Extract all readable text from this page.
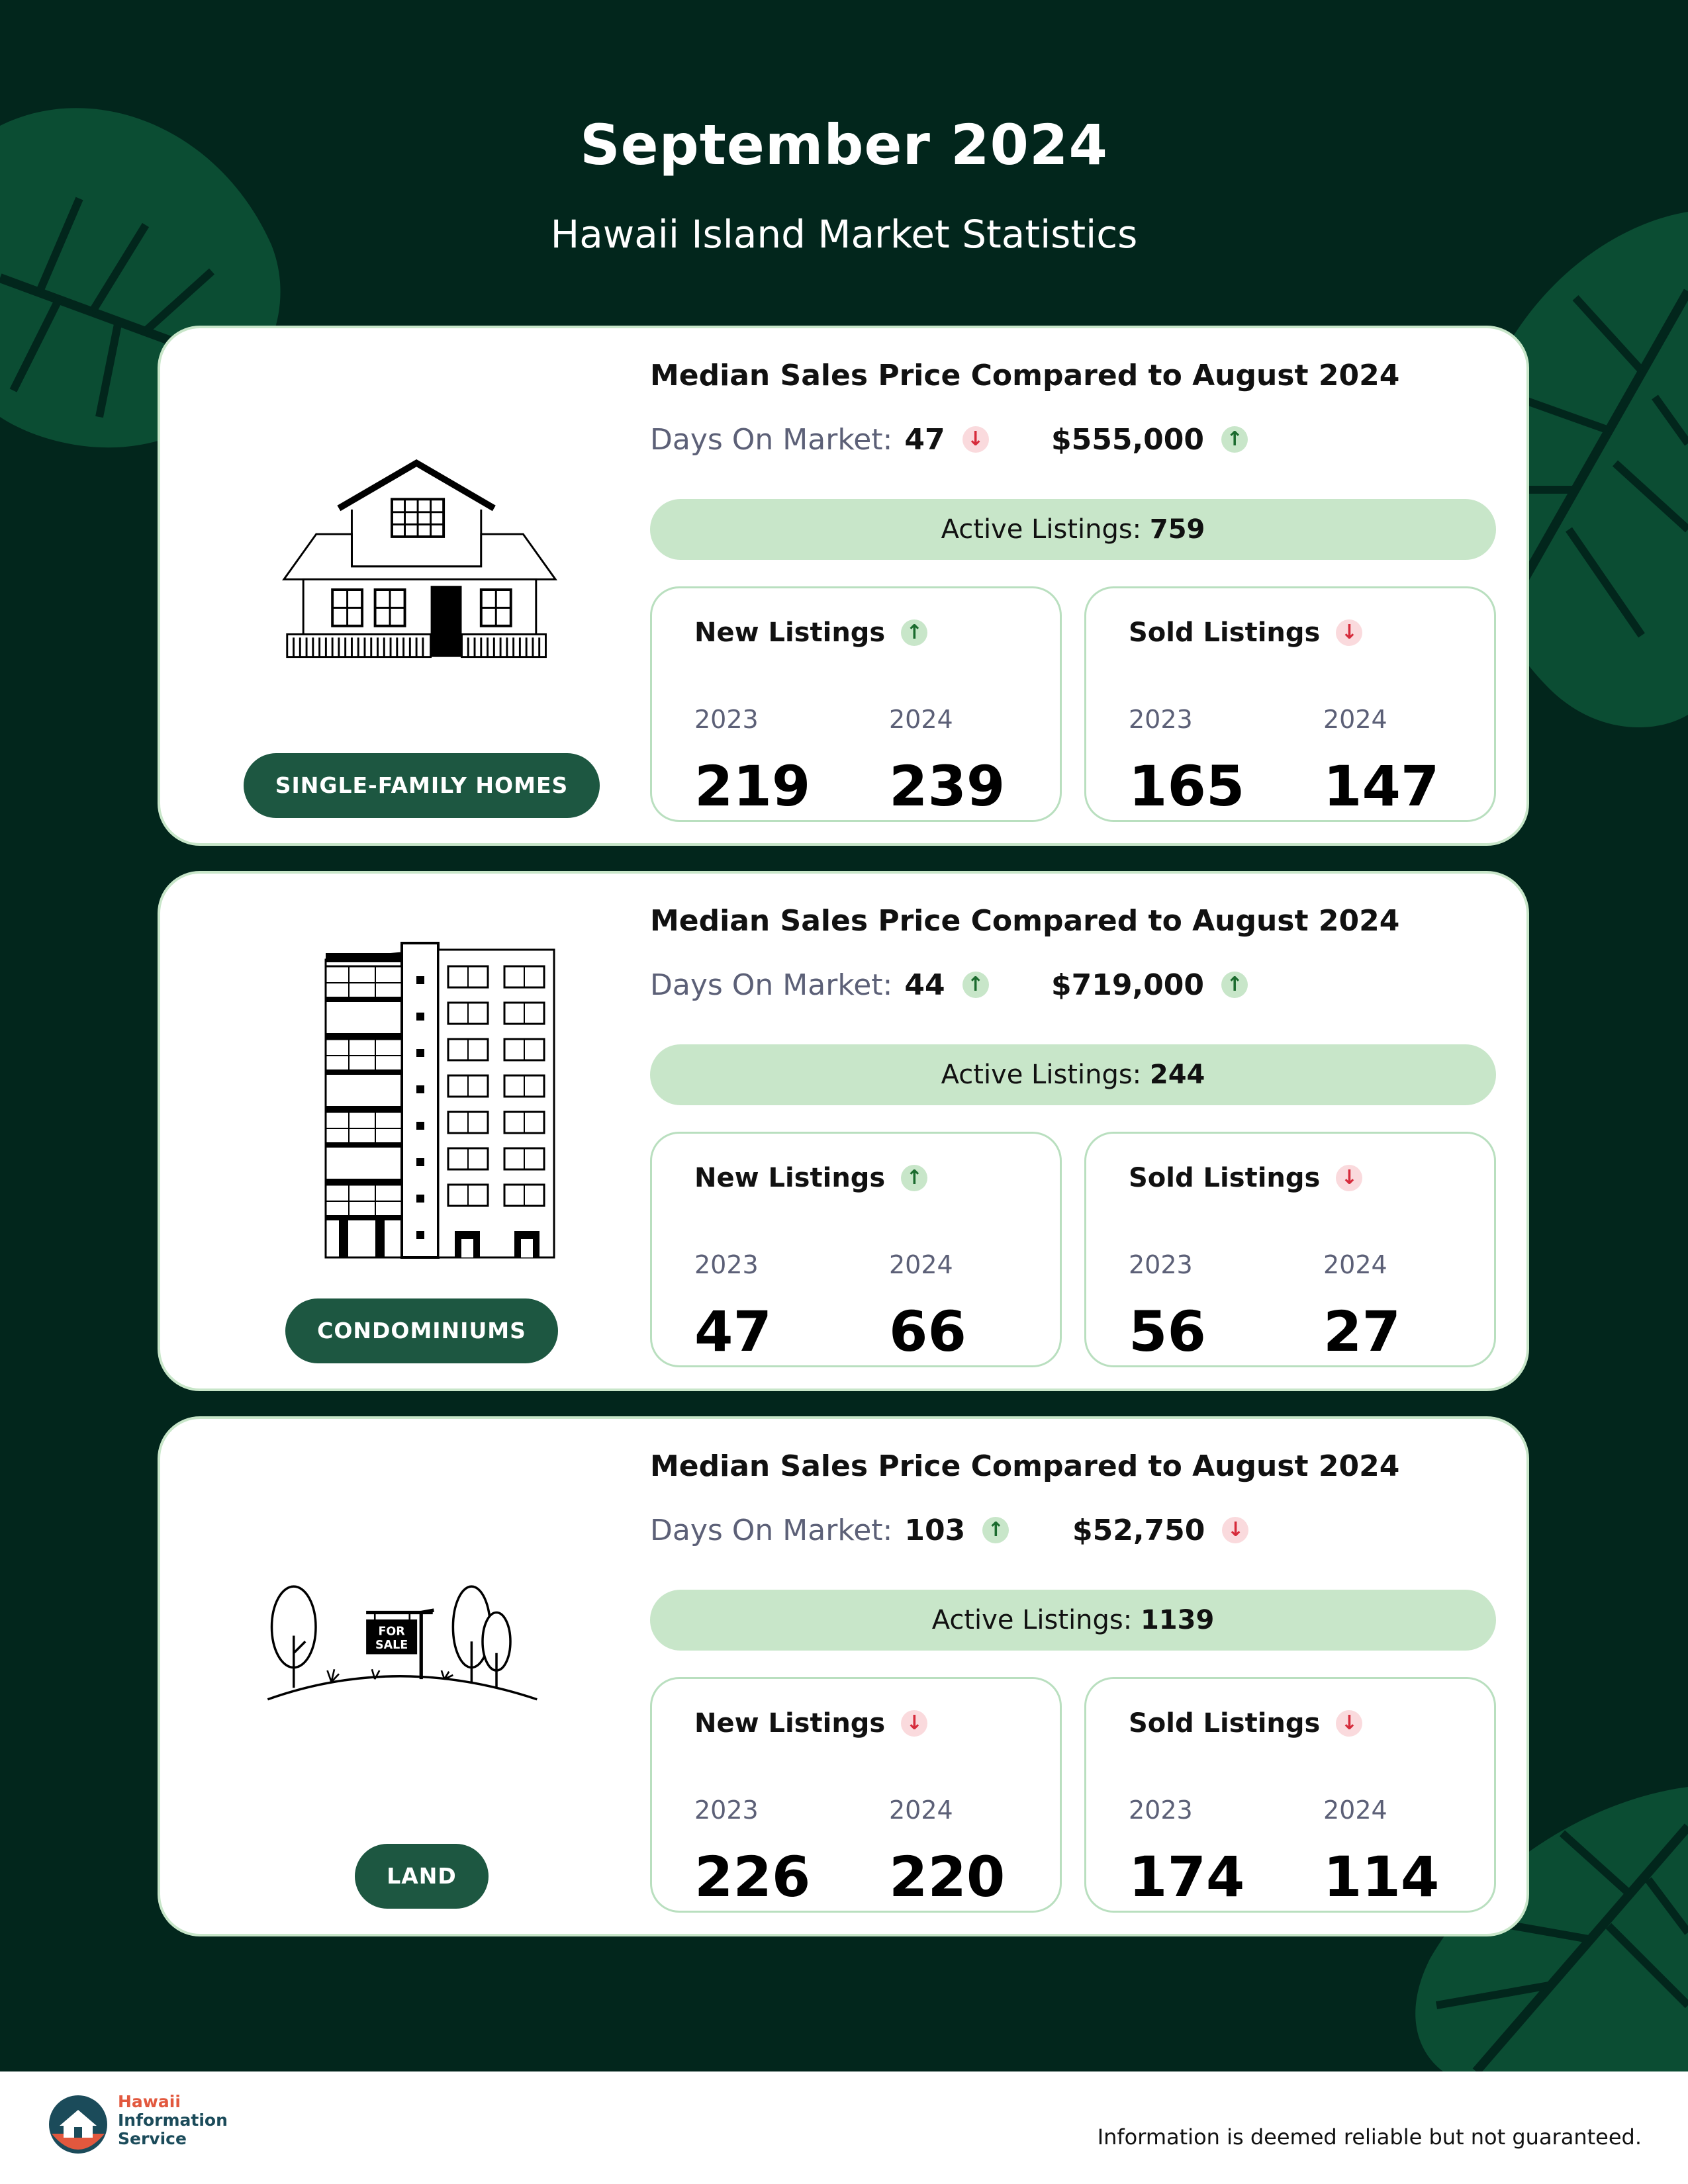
September 2024
Hawaii Island Market Statistics
SINGLE-FAMILY HOMES
Median Sales Price Compared to August 2024
Days On Market: 47 ↓ $555,000 ↑
Active Listings: 759
New Listings ↑
2023	2024
219 239
Sold Listings ↓
2023	2024
165 147
CONDOMINIUMS
Median Sales Price Compared to August 2024
Days On Market: 44 ↑ $719,000 ↑
Active Listings: 244
New Listings ↑
2023	2024
47 66
Sold Listings ↓
2023	2024
56 27
FOR
SALE
LAND
Median Sales Price Compared to August 2024
Days On Market: 103 ↑ $52,750 ↓
Active Listings: 1139
New Listings ↓
2023	2024
226 220
Sold Listings ↓
2023	2024
174 114
Hawaii
Information
Service	Information is deemed reliable but not guaranteed.
